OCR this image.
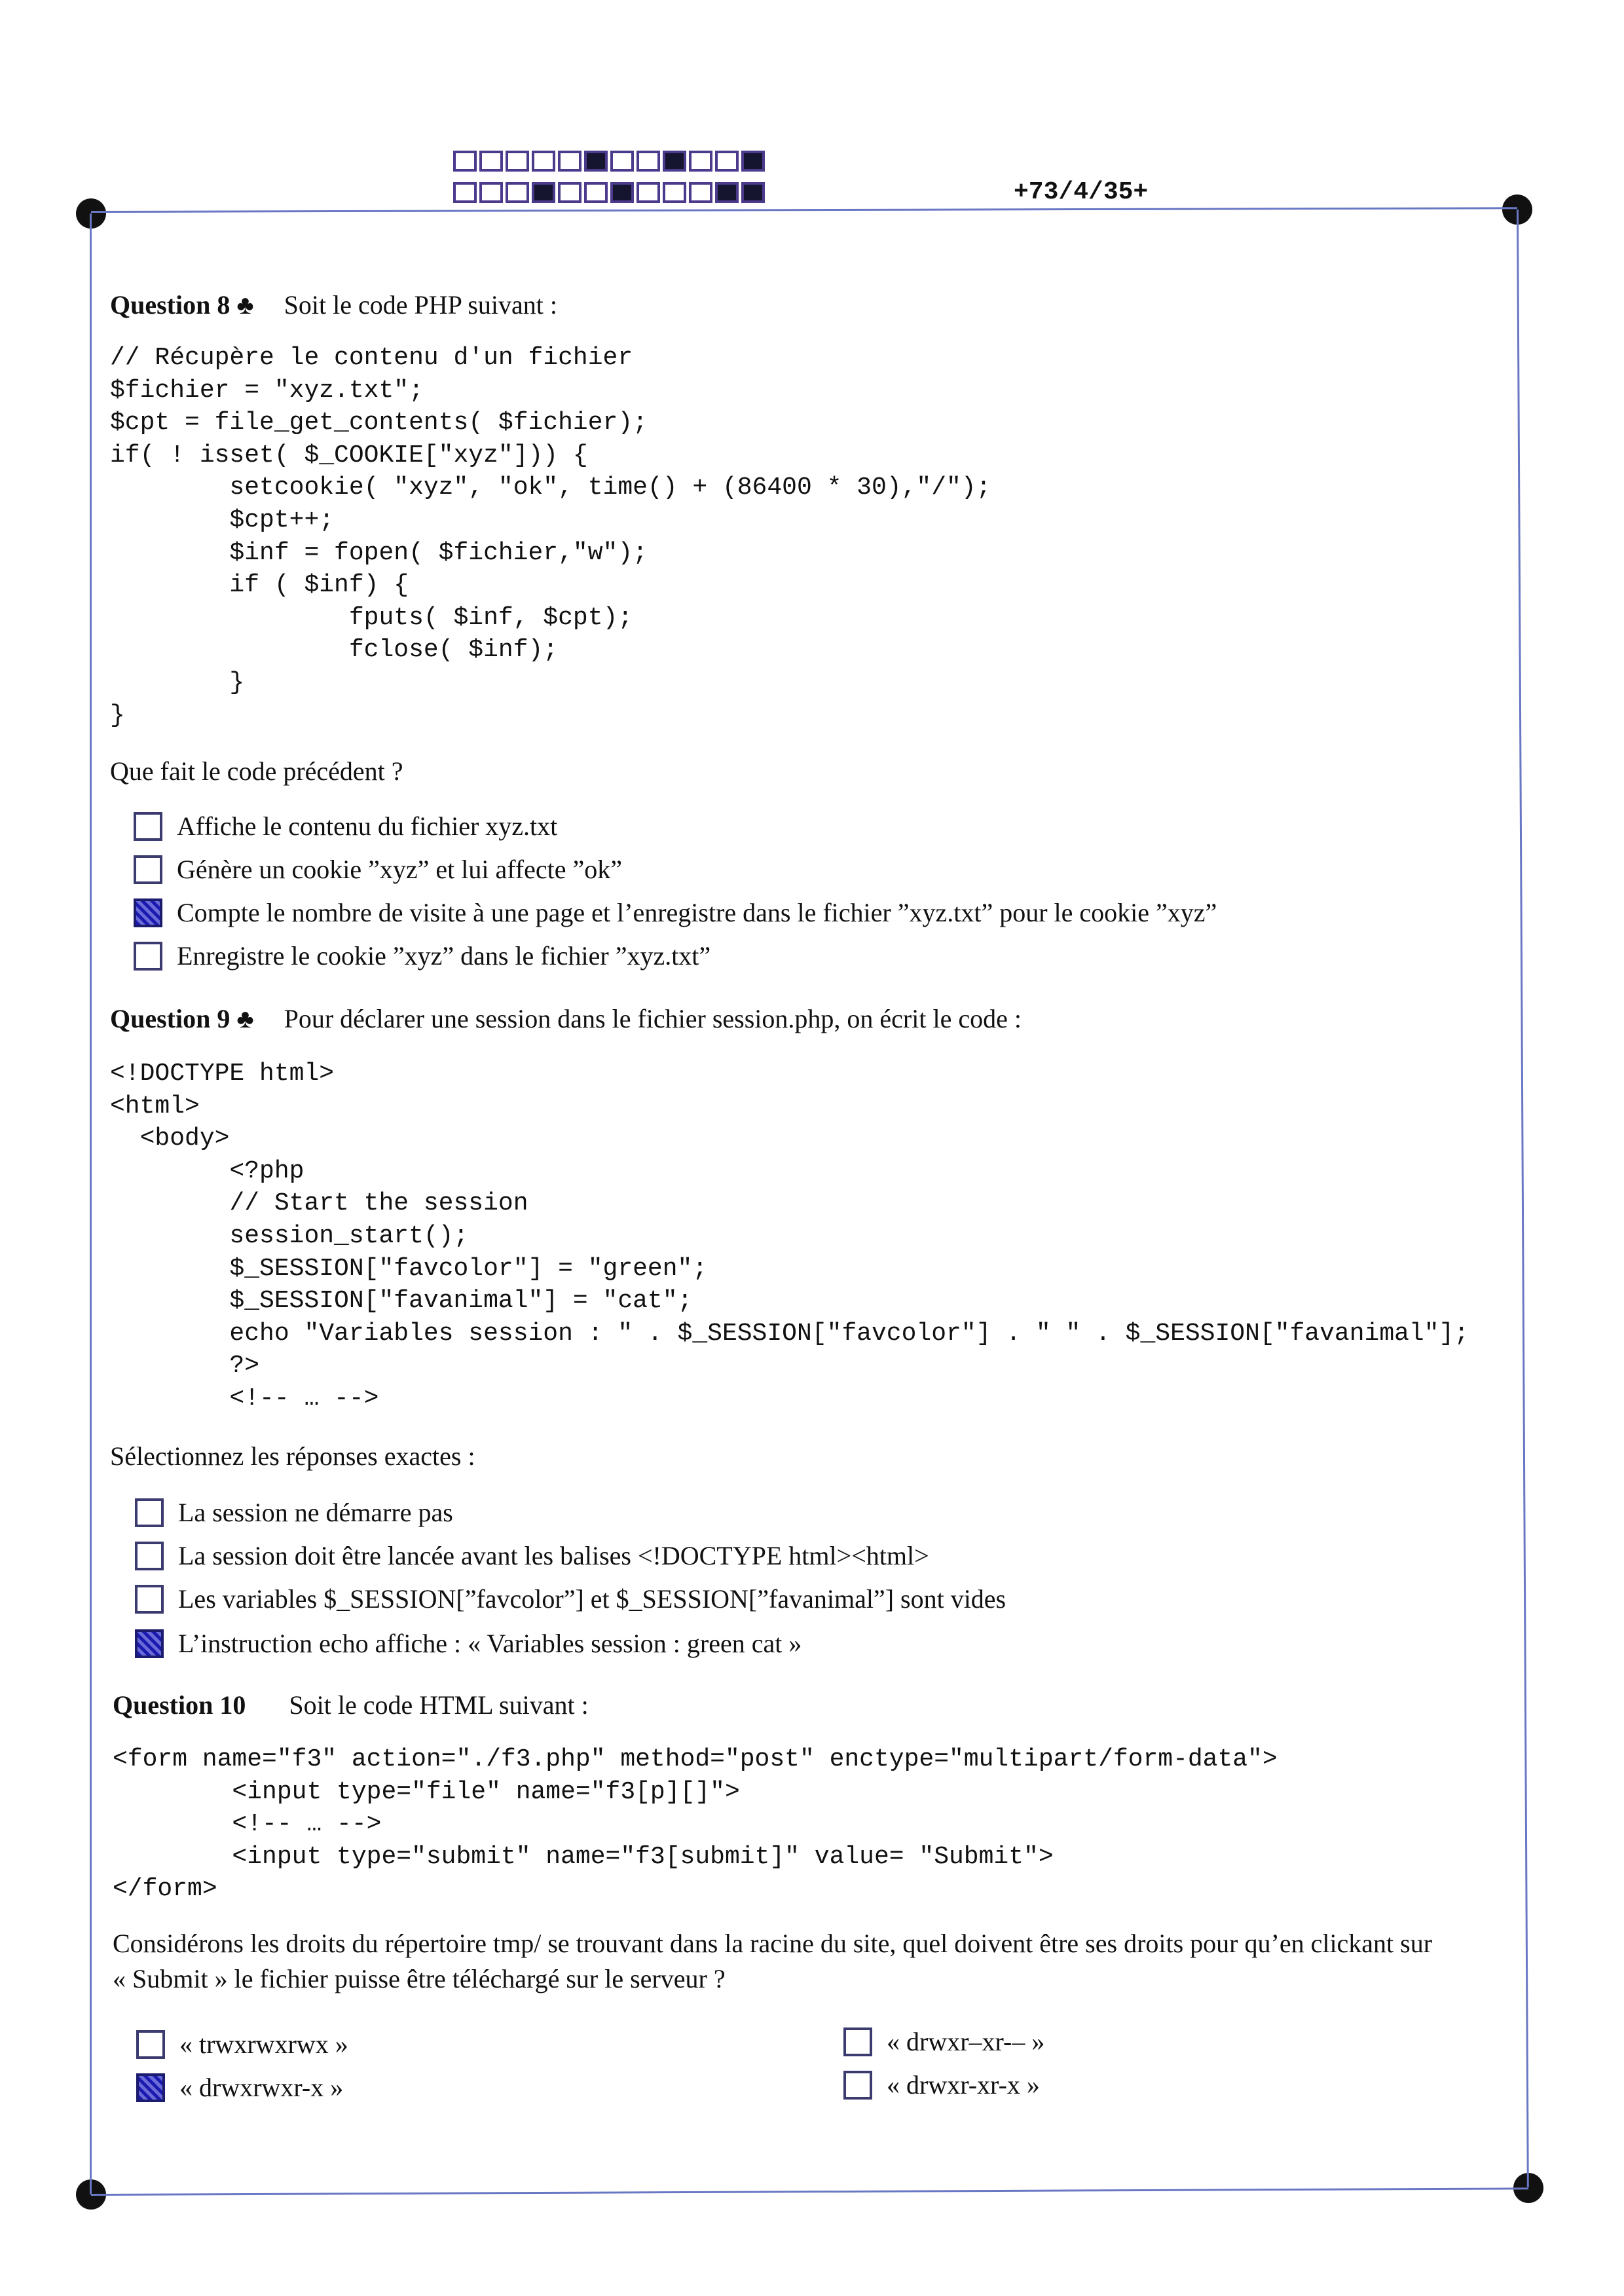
+73/4/35+
Question 8 ♣ Soit le code PHP suivant :
// Récupère le contenu d'un fichier
$fichier = "xyz.txt";
$cpt = file_get_contents( $fichier);
if( ! isset( $_COOKIE["xyz"])) {
setcookie( "xyz", "ok", time() + (86400 * 30),"/");
$cpt++;
$inf = fopen( $fichier,"w");
if ( $inf) {
fputs( $inf, $cpt);
fclose( $inf);
}
}
Que fait le code précédent ?
Affiche le contenu du fichier xyz.txt
Génère un cookie ”xyz” et lui affecte ”ok”
Compte le nombre de visite à une page et l’enregistre dans le fichier ”xyz.txt” pour le cookie ”xyz”
Enregistre le cookie ”xyz” dans le fichier ”xyz.txt”
Question 9 ♣ Pour déclarer une session dans le fichier session.php, on écrit le code :
<!DOCTYPE html>
<html>
<body>
<?php
// Start the session
session_start();
$_SESSION["favcolor"] = "green";
$_SESSION["favanimal"] = "cat";
echo "Variables session : " . $_SESSION["favcolor"] . " " . $_SESSION["favanimal"];
?>
<!-- … -->
Sélectionnez les réponses exactes :
La session ne démarre pas
La session doit être lancée avant les balises <!DOCTYPE html><html>
Les variables $_SESSION[”favcolor”] et $_SESSION[”favanimal”] sont vides
L’instruction echo affiche : « Variables session : green cat »
Question 10 Soit le code HTML suivant :
<form name="f3" action="./f3.php" method="post" enctype="multipart/form-data">
<input type="file" name="f3[p][]">
<!-- … -->
<input type="submit" name="f3[submit]" value= "Submit">
</form>
Considérons les droits du répertoire tmp/ se trouvant dans la racine du site, quel doivent être ses droits pour qu’en clickant sur
« Submit » le fichier puisse être téléchargé sur le serveur ?
« trwxrwxrwx »
« drwxrwxr-x »
« drwxr–xr-– »
« drwxr-xr-x »
